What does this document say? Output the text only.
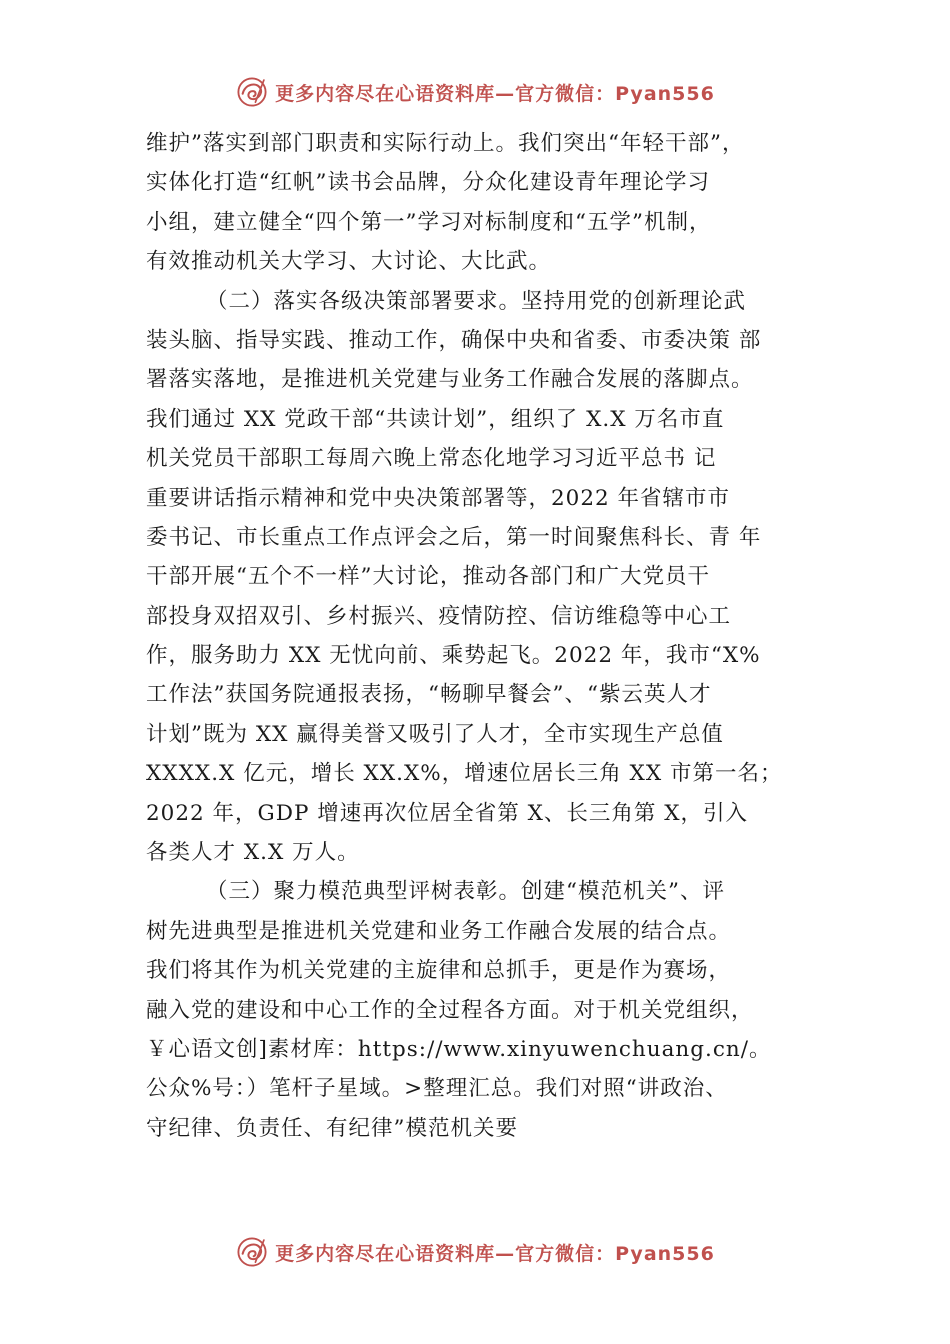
更多内容尽在心语资料库—官方微信：Pyan556
维护”落实到部门职责和实际行动上。我们突出“年轻干部”，
实体化打造“红帆”读书会品牌，分众化建设青年理论学习
小组，建立健全“四个第一”学习对标制度和“五学”机制，
有效推动机关大学习、大讨论、大比武。
（二）落实各级决策部署要求。坚持用党的创新理论武
装头脑、指导实践、推动工作，确保中央和省委、市委决策 部
署落实落地，是推进机关党建与业务工作融合发展的落脚点。
我们通过 XX 党政干部“共读计划”，组织了 X.X 万名市直
机关党员干部职工每周六晚上常态化地学习习近平总书 记
重要讲话指示精神和党中央决策部署等，2022 年省辖市市
委书记、市长重点工作点评会之后，第一时间聚焦科长、青 年
干部开展“五个不一样”大讨论，推动各部门和广大党员干
部投身双招双引、乡村振兴、疫情防控、信访维稳等中心工
作，服务助力 XX 无忧向前、乘势起飞。2022 年，我市“X%
工作法”获国务院通报表扬，“畅聊早餐会”、“紫云英人才
计划”既为 XX 赢得美誉又吸引了人才，全市实现生产总值
XXXX.X 亿元，增长 XX.X%，增速位居长三角 XX 市第一名；
2022 年，GDP 增速再次位居全省第 X、长三角第 X，引入
各类人才 X.X 万人。
（三）聚力模范典型评树表彰。创建“模范机关”、评
树先进典型是推进机关党建和业务工作融合发展的结合点。
我们将其作为机关党建的主旋律和总抓手，更是作为赛场，
融入党的建设和中心工作的全过程各方面。对于机关党组织，
￥心语文创]素材库：https://www.xinyuwenchuang.cn/。
公众%号：）笔杆子星域。>整理汇总。我们对照“讲政治、
守纪律、负责任、有纪律”模范机关要
更多内容尽在心语资料库—官方微信：Pyan556
